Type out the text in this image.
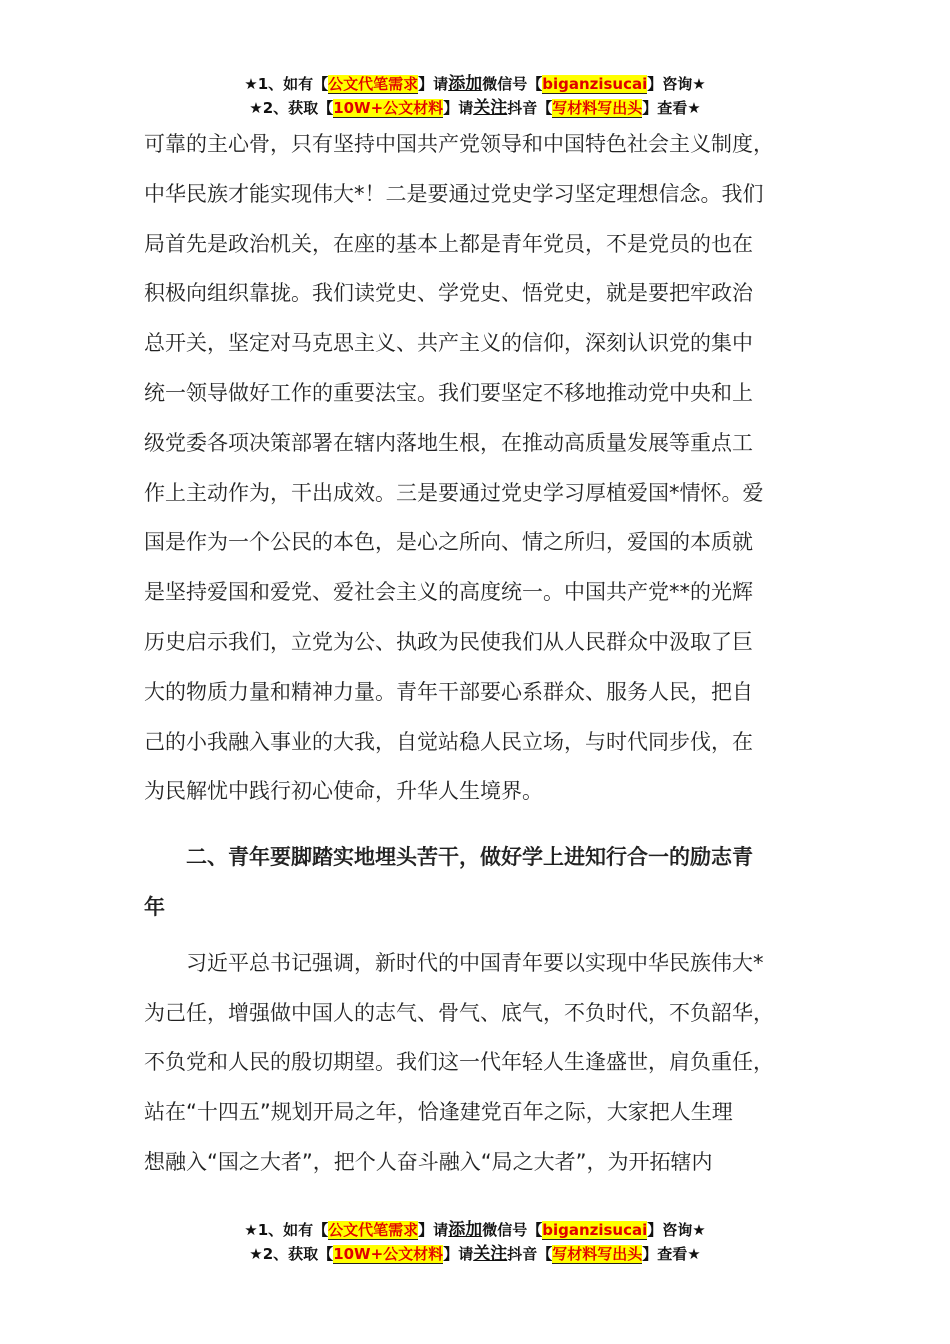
★1、如有【公文代笔需求】请添加微信号【biganzisucai】咨询★
★2、获取【10W+公文材料】请关注抖音【写材料写出头】查看★

可靠的主心骨，只有坚持中国共产党领导和中国特色社会主义制度，
中华民族才能实现伟大*！二是要通过党史学习坚定理想信念。我们
局首先是政治机关，在座的基本上都是青年党员，不是党员的也在
积极向组织靠拢。我们读党史、学党史、悟党史，就是要把牢政治
总开关，坚定对马克思主义、共产主义的信仰，深刻认识党的集中
统一领导做好工作的重要法宝。我们要坚定不移地推动党中央和上
级党委各项决策部署在辖内落地生根，在推动高质量发展等重点工
作上主动作为，干出成效。三是要通过党史学习厚植爱国*情怀。爱
国是作为一个公民的本色，是心之所向、情之所归，爱国的本质就
是坚持爱国和爱党、爱社会主义的高度统一。中国共产党**的光辉
历史启示我们，立党为公、执政为民使我们从人民群众中汲取了巨
大的物质力量和精神力量。青年干部要心系群众、服务人民，把自
己的小我融入事业的大我，自觉站稳人民立场，与时代同步伐，在
为民解忧中践行初心使命，升华人生境界。

二、青年要脚踏实地埋头苦干，做好学上进知行合一的励志青
年

习近平总书记强调，新时代的中国青年要以实现中华民族伟大*
为己任，增强做中国人的志气、骨气、底气，不负时代，不负韶华，
不负党和人民的殷切期望。我们这一代年轻人生逢盛世，肩负重任，
站在“十四五”规划开局之年，恰逢建党百年之际，大家把人生理
想融入“国之大者”，把个人奋斗融入“局之大者”，为开拓辖内

★1、如有【公文代笔需求】请添加微信号【biganzisucai】咨询★
★2、获取【10W+公文材料】请关注抖音【写材料写出头】查看★
